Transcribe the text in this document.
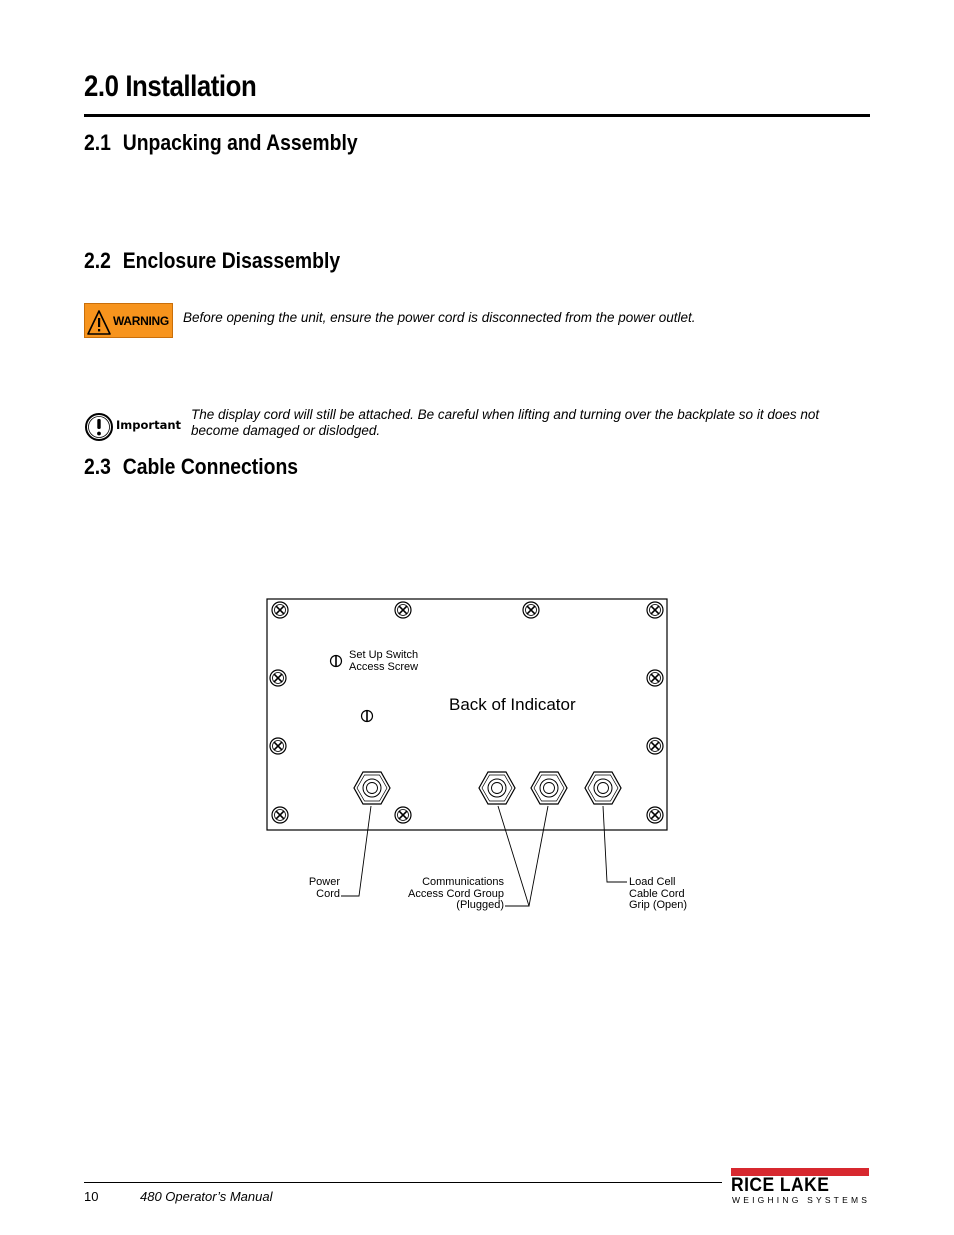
2.0 Installation
2.1 Unpacking and Assembly
2.2 Enclosure Disassembly
WARNING Before opening the unit, ensure the power cord is disconnected from the power outlet.
Important
The display cord will still be attached. Be careful when lifting and turning over the backplate so it does not
become damaged or dislodged.
2.3 Cable Connections
Set Up Switch
Access Screw
Back of Indicator
Power
Cord
Communications
Access Cord Group
(Plugged)
Load Cell
Cable Cord
Grip (Open)
10	480 Operator’s Manual
RICE LAKE
WEIGHING SYSTEMS
